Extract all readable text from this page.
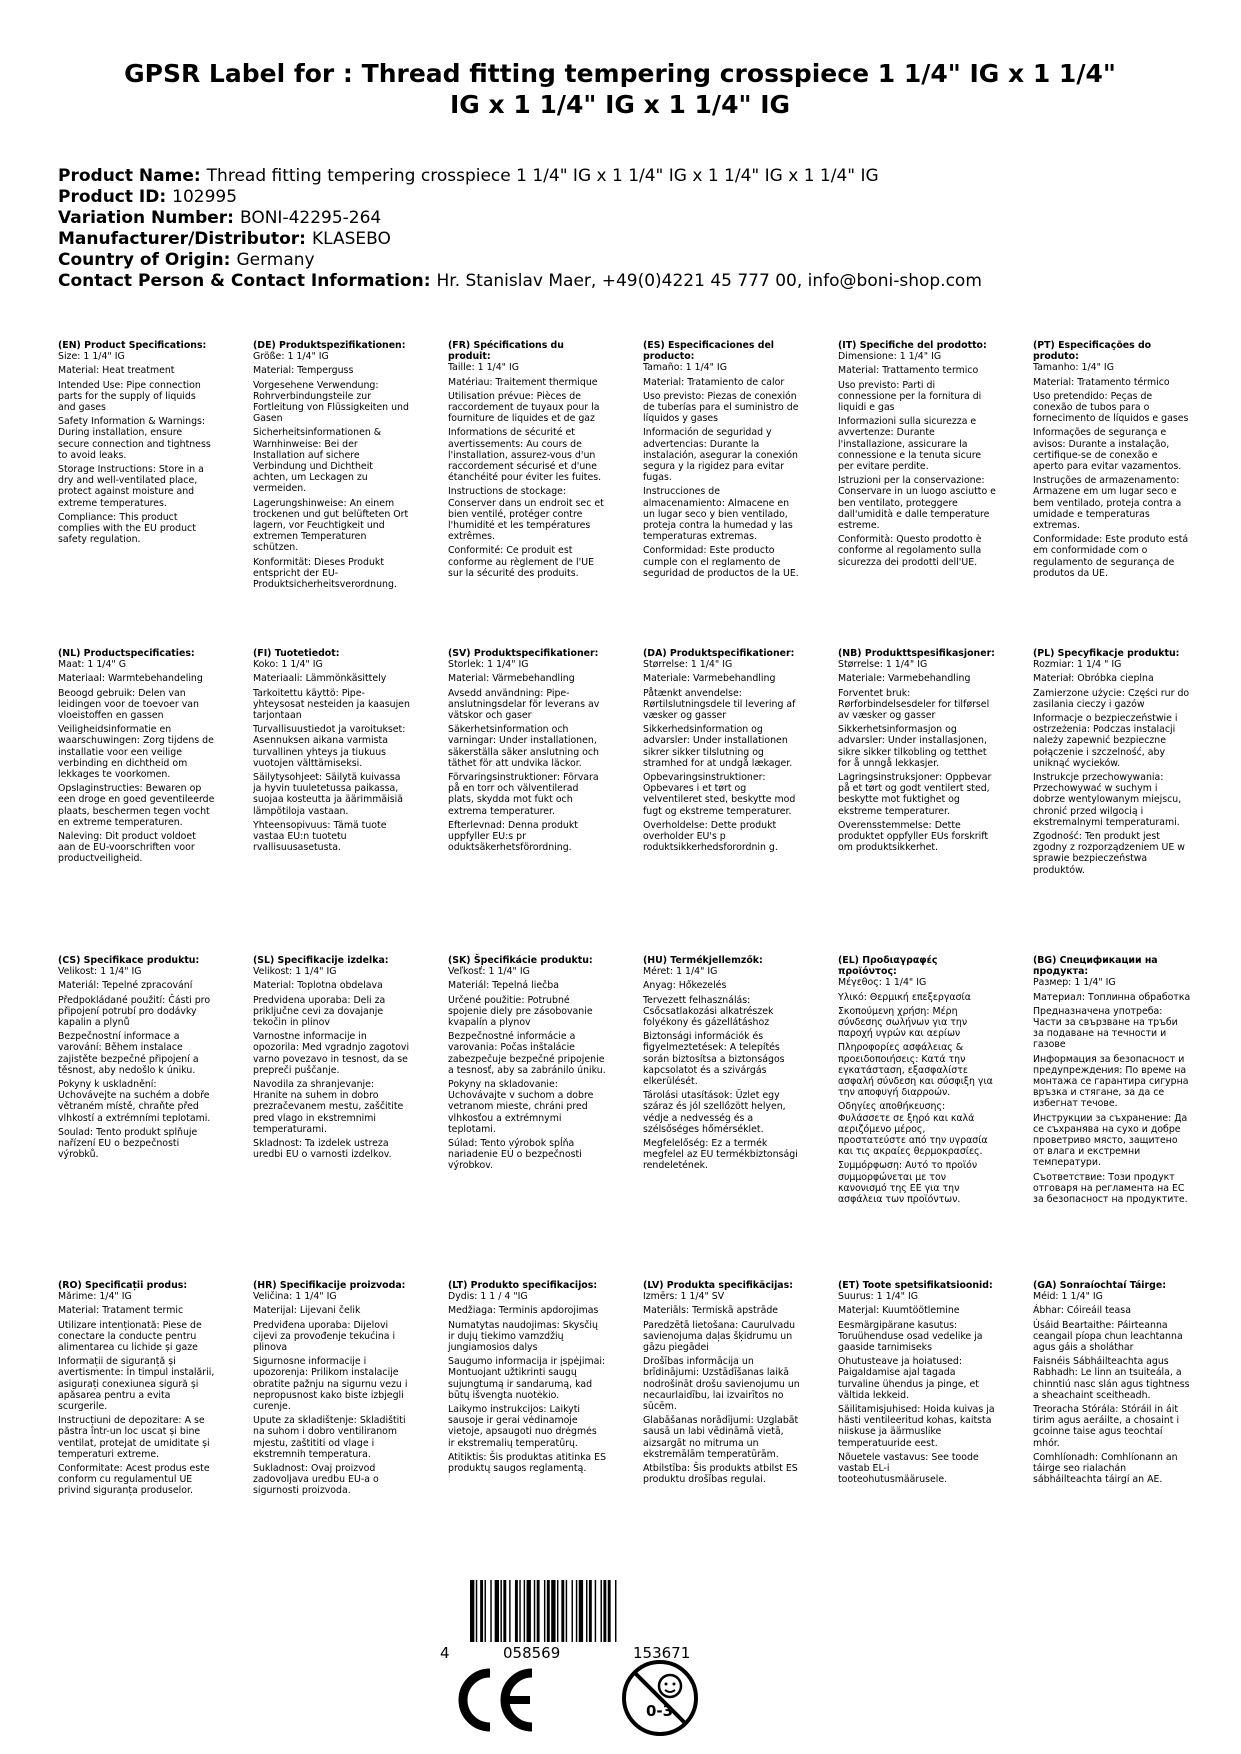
GPSR Label for : Thread fitting tempering crosspiece 1 1/4" IG x 1 1/4" IG x 1 1/4" IG x 1 1/4" IG
Product Name: Thread fitting tempering crosspiece 1 1/4" IG x 1 1/4" IG x 1 1/4" IG x 1 1/4" IG
Product ID: 102995
Variation Number: BONI-42295-264
Manufacturer/Distributor: KLASEBO
Country of Origin: Germany
Contact Person & Contact Information: Hr. Stanislav Maer, +49(0)4221 45 777 00, info@boni-shop.com
(EN) Product Specifications:

Size: 1 1/4" IG

Material: Heat treatment

Intended Use: Pipe connection parts for the supply of liquids and gases

Safety Information & Warnings: During installation, ensure secure connection and tightness to avoid leaks.

Storage Instructions: Store in a dry and well-ventilated place, protect against moisture and extreme temperatures.

Compliance: This product complies with the EU product safety regulation.

(DE) Produktspezifikationen:

Größe: 1 1/4" IG

Material: Temperguss

Vorgesehene Verwendung: Rohrverbindungsteile zur Fortleitung von Flüssigkeiten und Gasen

Sicherheitsinformationen & Warnhinweise: Bei der Installation auf sichere Verbindung und Dichtheit achten, um Leckagen zu vermeiden.

Lagerungshinweise: An einem trockenen und gut belüfteten Ort lagern, vor Feuchtigkeit und extremen Temperaturen schützen.

Konformität: Dieses Produkt entspricht der EU-Produktsicherheitsverordnung.

(FR) Spécifications du produit:

Taille: 1 1/4" IG

Matériau: Traitement thermique

Utilisation prévue: Pièces de raccordement de tuyaux pour la fourniture de liquides et de gaz

Informations de sécurité et avertissements: Au cours de l'installation, assurez-vous d'un raccordement sécurisé et d'une étanchéité pour éviter les fuites.

Instructions de stockage: Conserver dans un endroit sec et bien ventilé, protéger contre l'humidité et les températures extrêmes.

Conformité: Ce produit est conforme au règlement de l'UE sur la sécurité des produits.

(ES) Especificaciones del producto:

Tamaño: 1 1/4" IG

Material: Tratamiento de calor

Uso previsto: Piezas de conexión de tuberías para el suministro de líquidos y gases

Información de seguridad y advertencias: Durante la instalación, asegurar la conexión segura y la rigidez para evitar fugas.

Instrucciones de almacenamiento: Almacene en un lugar seco y bien ventilado, proteja contra la humedad y las temperaturas extremas.

Conformidad: Este producto cumple con el reglamento de seguridad de productos de la UE.

(IT) Specifiche del prodotto:

Dimensione: 1 1/4" IG

Material: Trattamento termico

Uso previsto: Parti di connessione per la fornitura di liquidi e gas

Informazioni sulla sicurezza e avvertenze: Durante l'installazione, assicurare la connessione e la tenuta sicure per evitare perdite.

Istruzioni per la conservazione: Conservare in un luogo asciutto e ben ventilato, proteggere dall'umidità e dalle temperature estreme.

Conformità: Questo prodotto è conforme al regolamento sulla sicurezza dei prodotti dell'UE.

(PT) Especificações do produto:

Tamanho: 1/4" IG

Material: Tratamento térmico

Uso pretendido: Peças de conexão de tubos para o fornecimento de líquidos e gases

Informações de segurança e avisos: Durante a instalação, certifique-se de conexão e aperto para evitar vazamentos.

Instruções de armazenamento: Armazene em um lugar seco e bem ventilado, proteja contra a umidade e temperaturas extremas.

Conformidade: Este produto está em conformidade com o regulamento de segurança de produtos da UE.

(NL) Productspecificaties:

Maat: 1 1/4" G

Materiaal: Warmtebehandeling

Beoogd gebruik: Delen van leidingen voor de toevoer van vloeistoffen en gassen

Veiligheidsinformatie en waarschuwingen: Zorg tijdens de installatie voor een veilige verbinding en dichtheid om lekkages te voorkomen.

Opslaginstructies: Bewaren op een droge en goed geventileerde plaats, beschermen tegen vocht en extreme temperaturen.

Naleving: Dit product voldoet aan de EU-voorschriften voor productveiligheid.

(FI) Tuotetiedot:

Koko: 1 1/4" IG

Materiaali: Lämmönkäsittely

Tarkoitettu käyttö: Pipe-yhteysosat nesteiden ja kaasujen tarjontaan

Turvallisuustiedot ja varoitukset: Asennuksen aikana varmista turvallinen yhteys ja tiukuus vuotojen välttämiseksi.

Säilytysohjeet: Säilytä kuivassa ja hyvin tuuletetussa paikassa, suojaa kosteutta ja äärimmäisiä lämpötiloja vastaan.

Yhteensopivuus: Tämä tuote vastaa EU:n tuotetu rvallisuusasetusta.

(SV) Produktspecifikationer:

Storlek: 1 1/4" IG

Material: Värmebehandling

Avsedd användning: Pipe-anslutningsdelar för leverans av vätskor och gaser

Säkerhetsinformation och varningar: Under installationen, säkerställa säker anslutning och täthet för att undvika läckor.

Förvaringsinstruktioner: Förvara på en torr och välventilerad plats, skydda mot fukt och extrema temperaturer.

Efterlevnad: Denna produkt uppfyller EU:s pr oduktsäkerhetsförordning.

(DA) Produktspecifikationer:

Størrelse: 1 1/4" IG

Materiale: Varmebehandling

Påtænkt anvendelse: Rørtilslutningsdele til levering af væsker og gasser

Sikkerhedsinformation og advarsler: Under installationen sikrer sikker tilslutning og stramhed for at undgå lækager.

Opbevaringsinstruktioner: Opbevares i et tørt og velventileret sted, beskytte mod fugt og ekstreme temperaturer.

Overholdelse: Dette produkt overholder EU's p roduktsikkerhedsforordnin g.

(NB) Produkttspesifikasjoner:

Størrelse: 1 1/4" IG

Materiale: Varmebehandling

Forventet bruk: Rørforbindelsesdeler for tilførsel av væsker og gasser

Sikkerhetsinformasjon og advarsler: Under installasjonen, sikre sikker tilkobling og tetthet for å unngå lekkasjer.

Lagringsinstruksjoner: Oppbevar på et tørt og godt ventilert sted, beskytte mot fuktighet og ekstreme temperaturer.

Overensstemmelse: Dette produktet oppfyller EUs forskrift om produktsikkerhet.

(PL) Specyfikacje produktu:

Rozmiar: 1 1/4 " IG

Materiał: Obróbka cieplna

Zamierzone użycie: Części rur do zasilania cieczy i gazów

Informacje o bezpieczeństwie i ostrzeżenia: Podczas instalacji należy zapewnić bezpieczne połączenie i szczelność, aby uniknąć wycieków.

Instrukcje przechowywania: Przechowywać w suchym i dobrze wentylowanym miejscu, chronić przed wilgocią i ekstremalnymi temperaturami.

Zgodność: Ten produkt jest zgodny z rozporządzeniem UE w sprawie bezpieczeństwa produktów.

(CS) Specifikace produktu:

Velikost: 1 1/4" IG

Materiál: Tepelné zpracování

Předpokládané použití: Části pro připojení potrubí pro dodávky kapalin a plynů

Bezpečnostní informace a varování: Během instalace zajistěte bezpečné připojení a těsnost, aby nedošlo k úniku.

Pokyny k uskladnění: Uchovávejte na suchém a dobře větraném místě, chraňte před vlhkostí a extrémními teplotami.

Soulad: Tento produkt splňuje nařízení EU o bezpečnosti výrobků.

(SL) Specifikacije izdelka:

Velikost: 1 1/4" IG

Material: Toplotna obdelava

Predvidena uporaba: Deli za priključne cevi za dovajanje tekočin in plinov

Varnostne informacije in opozorila: Med vgradnjo zagotovi varno povezavo in tesnost, da se prepreči puščanje.

Navodila za shranjevanje: Hranite na suhem in dobro prezračevanem mestu, zaščitite pred vlago in ekstremnimi temperaturami.

Skladnost: Ta izdelek ustreza uredbi EU o varnosti izdelkov.

(SK) Špecifikácie produktu:

Veľkosť: 1 1/4" IG

Materiál: Tepelná liečba

Určené použitie: Potrubné spojenie diely pre zásobovanie kvapalín a plynov

Bezpečnostné informácie a varovania: Počas inštalácie zabezpečuje bezpečné pripojenie a tesnosť, aby sa zabránilo úniku.

Pokyny na skladovanie: Uchovávajte v suchom a dobre vetranom mieste, chráni pred vlhkosťou a extrémnymi teplotami.

Súlad: Tento výrobok spĺňa nariadenie EÚ o bezpečnosti výrobkov.

(HU) Termékjellemzők:

Méret: 1 1/4" IG

Anyag: Hőkezelés

Tervezett felhasználás: Csőcsatlakozási alkatrészek folyékony és gázellátáshoz

Biztonsági információk és figyelmeztetések: A telepítés során biztosítsa a biztonságos kapcsolatot és a szivárgás elkerülését.

Tárolási utasítások: Üzlet egy száraz és jól szellőzött helyen, védje a nedvesség és a szélsőséges hőmérséklet.

Megfelelőség: Ez a termék megfelel az EU termékbiztonsági rendeletének.

(EL) Προδιαγραφές προϊόντος:

Μέγεθος: 1 1/4" IG

Υλικό: Θερμική επεξεργασία

Σκοπούμενη χρήση: Μέρη σύνδεσης σωλήνων για την παροχή υγρών και αερίων

Πληροφορίες ασφάλειας & προειδοποιήσεις: Κατά την εγκατάσταση, εξασφαλίστε ασφαλή σύνδεση και σύσφιξη για την αποφυγή διαρροών.

Οδηγίες αποθήκευσης: Φυλάσσετε σε ξηρό και καλά αεριζόμενο μέρος, προστατεύστε από την υγρασία και τις ακραίες θερμοκρασίες.

Συμμόρφωση: Αυτό το προϊόν συμμορφώνεται με τον κανονισμό της ΕΕ για την ασφάλεια των προϊόντων.

(BG) Спецификации на продукта:

Размер: 1 1/4" IG

Материал: Топлинна обработка

Предназначена употреба: Части за свързване на тръби за подаване на течности и газове

Информация за безопасност и предупреждения: По време на монтажа се гарантира сигурна връзка и стягане, за да се избегнат течове.

Инструкции за съхранение: Да се съхранява на сухо и добре проветриво място, защитено от влага и екстремни температури.

Съответствие: Този продукт отговаря на регламента на ЕС за безопасност на продуктите.

(RO) Specificații produs:

Mărime: 1/4" IG

Material: Tratament termic

Utilizare intenționată: Piese de conectare la conducte pentru alimentarea cu lichide și gaze

Informații de siguranță și avertismente: În timpul instalării, asigurați conexiunea sigură și apăsarea pentru a evita scurgerile.

Instrucțiuni de depozitare: A se păstra într-un loc uscat și bine ventilat, protejat de umiditate și temperaturi extreme.

Conformitate: Acest produs este conform cu regulamentul UE privind siguranța produselor.

(HR) Specifikacije proizvoda:

Veličina: 1 1/4" IG

Materijal: Lijevani čelik

Predviđena uporaba: Dijelovi cijevi za provođenje tekućina i plinova

Sigurnosne informacije i upozorenja: Prilikom instalacije obratite pažnju na sigurnu vezu i nepropusnost kako biste izbjegli curenje.

Upute za skladištenje: Skladištiti na suhom i dobro ventiliranom mjestu, zaštititi od vlage i ekstremnih temperatura.

Sukladnost: Ovaj proizvod zadovoljava uredbu EU-a o sigurnosti proizvoda.

(LT) Produkto specifikacijos:

Dydis: 1 1 / 4 "IG

Medžiaga: Terminis apdorojimas

Numatytas naudojimas: Skysčių ir dujų tiekimo vamzdžių jungiamosios dalys

Saugumo informacija ir įspėjimai: Montuojant užtikrinti saugų sujungtumą ir sandarumą, kad būtų išvengta nuotėkio.

Laikymo instrukcijos: Laikyti sausoje ir gerai vėdinamoje vietoje, apsaugoti nuo drėgmės ir ekstremalių temperatūrų.

Atitiktis: Šis produktas atitinka ES produktų saugos reglamentą.

(LV) Produkta specifikācijas:

Izmērs: 1 1/4" SV

Materiāls: Termiskā apstrāde

Paredzētā lietošana: Caurulvadu savienojuma daļas šķidrumu un gāzu piegādei

Drošības informācija un brīdinājumi: Uzstādīšanas laikā nodrošināt drošu savienojumu un necaurlaidību, lai izvairītos no sūcēm.

Glabāšanas norādījumi: Uzglabāt sausā un labi vēdināmā vietā, aizsargāt no mitruma un ekstremālām temperatūrām.

Atbilstība: Šis produkts atbilst ES produktu drošības regulai.

(ET) Toote spetsifikatsioonid:

Suurus: 1 1/4" IG

Materjal: Kuumtöötlemine

Eesmärgipärane kasutus: Toruühenduse osad vedelike ja gaaside tarnimiseks

Ohutusteave ja hoiatused: Paigaldamise ajal tagada turvaline ühendus ja pinge, et vältida lekkeid.

Säilitamisjuhised: Hoida kuivas ja hästi ventileeritud kohas, kaitsta niiskuse ja äärmuslike temperatuuride eest.

Nõuetele vastavus: See toode vastab EL-i tooteohutusmäärusele.

(GA) Sonraíochtaí Táirge:

Méid: 1 1/4" IG

Ábhar: Cóireáil teasa

Úsáid Beartaithe: Páirteanna ceangail píopa chun leachtanna agus gáis a sholáthar

Faisnéis Sábháilteachta agus Rabhadh: Le linn an tsuiteála, a chinntiú nasc slán agus tightness a sheachaint sceitheadh.

Treoracha Stórála: Stóráil in áit tirim agus aeráilte, a chosaint i gcoinne taise agus teochtaí mhór.

Comhlíonadh: Comhlíonann an táirge seo rialachán sábháilteachta táirgí an AE.

4	058569	153671
0-3
